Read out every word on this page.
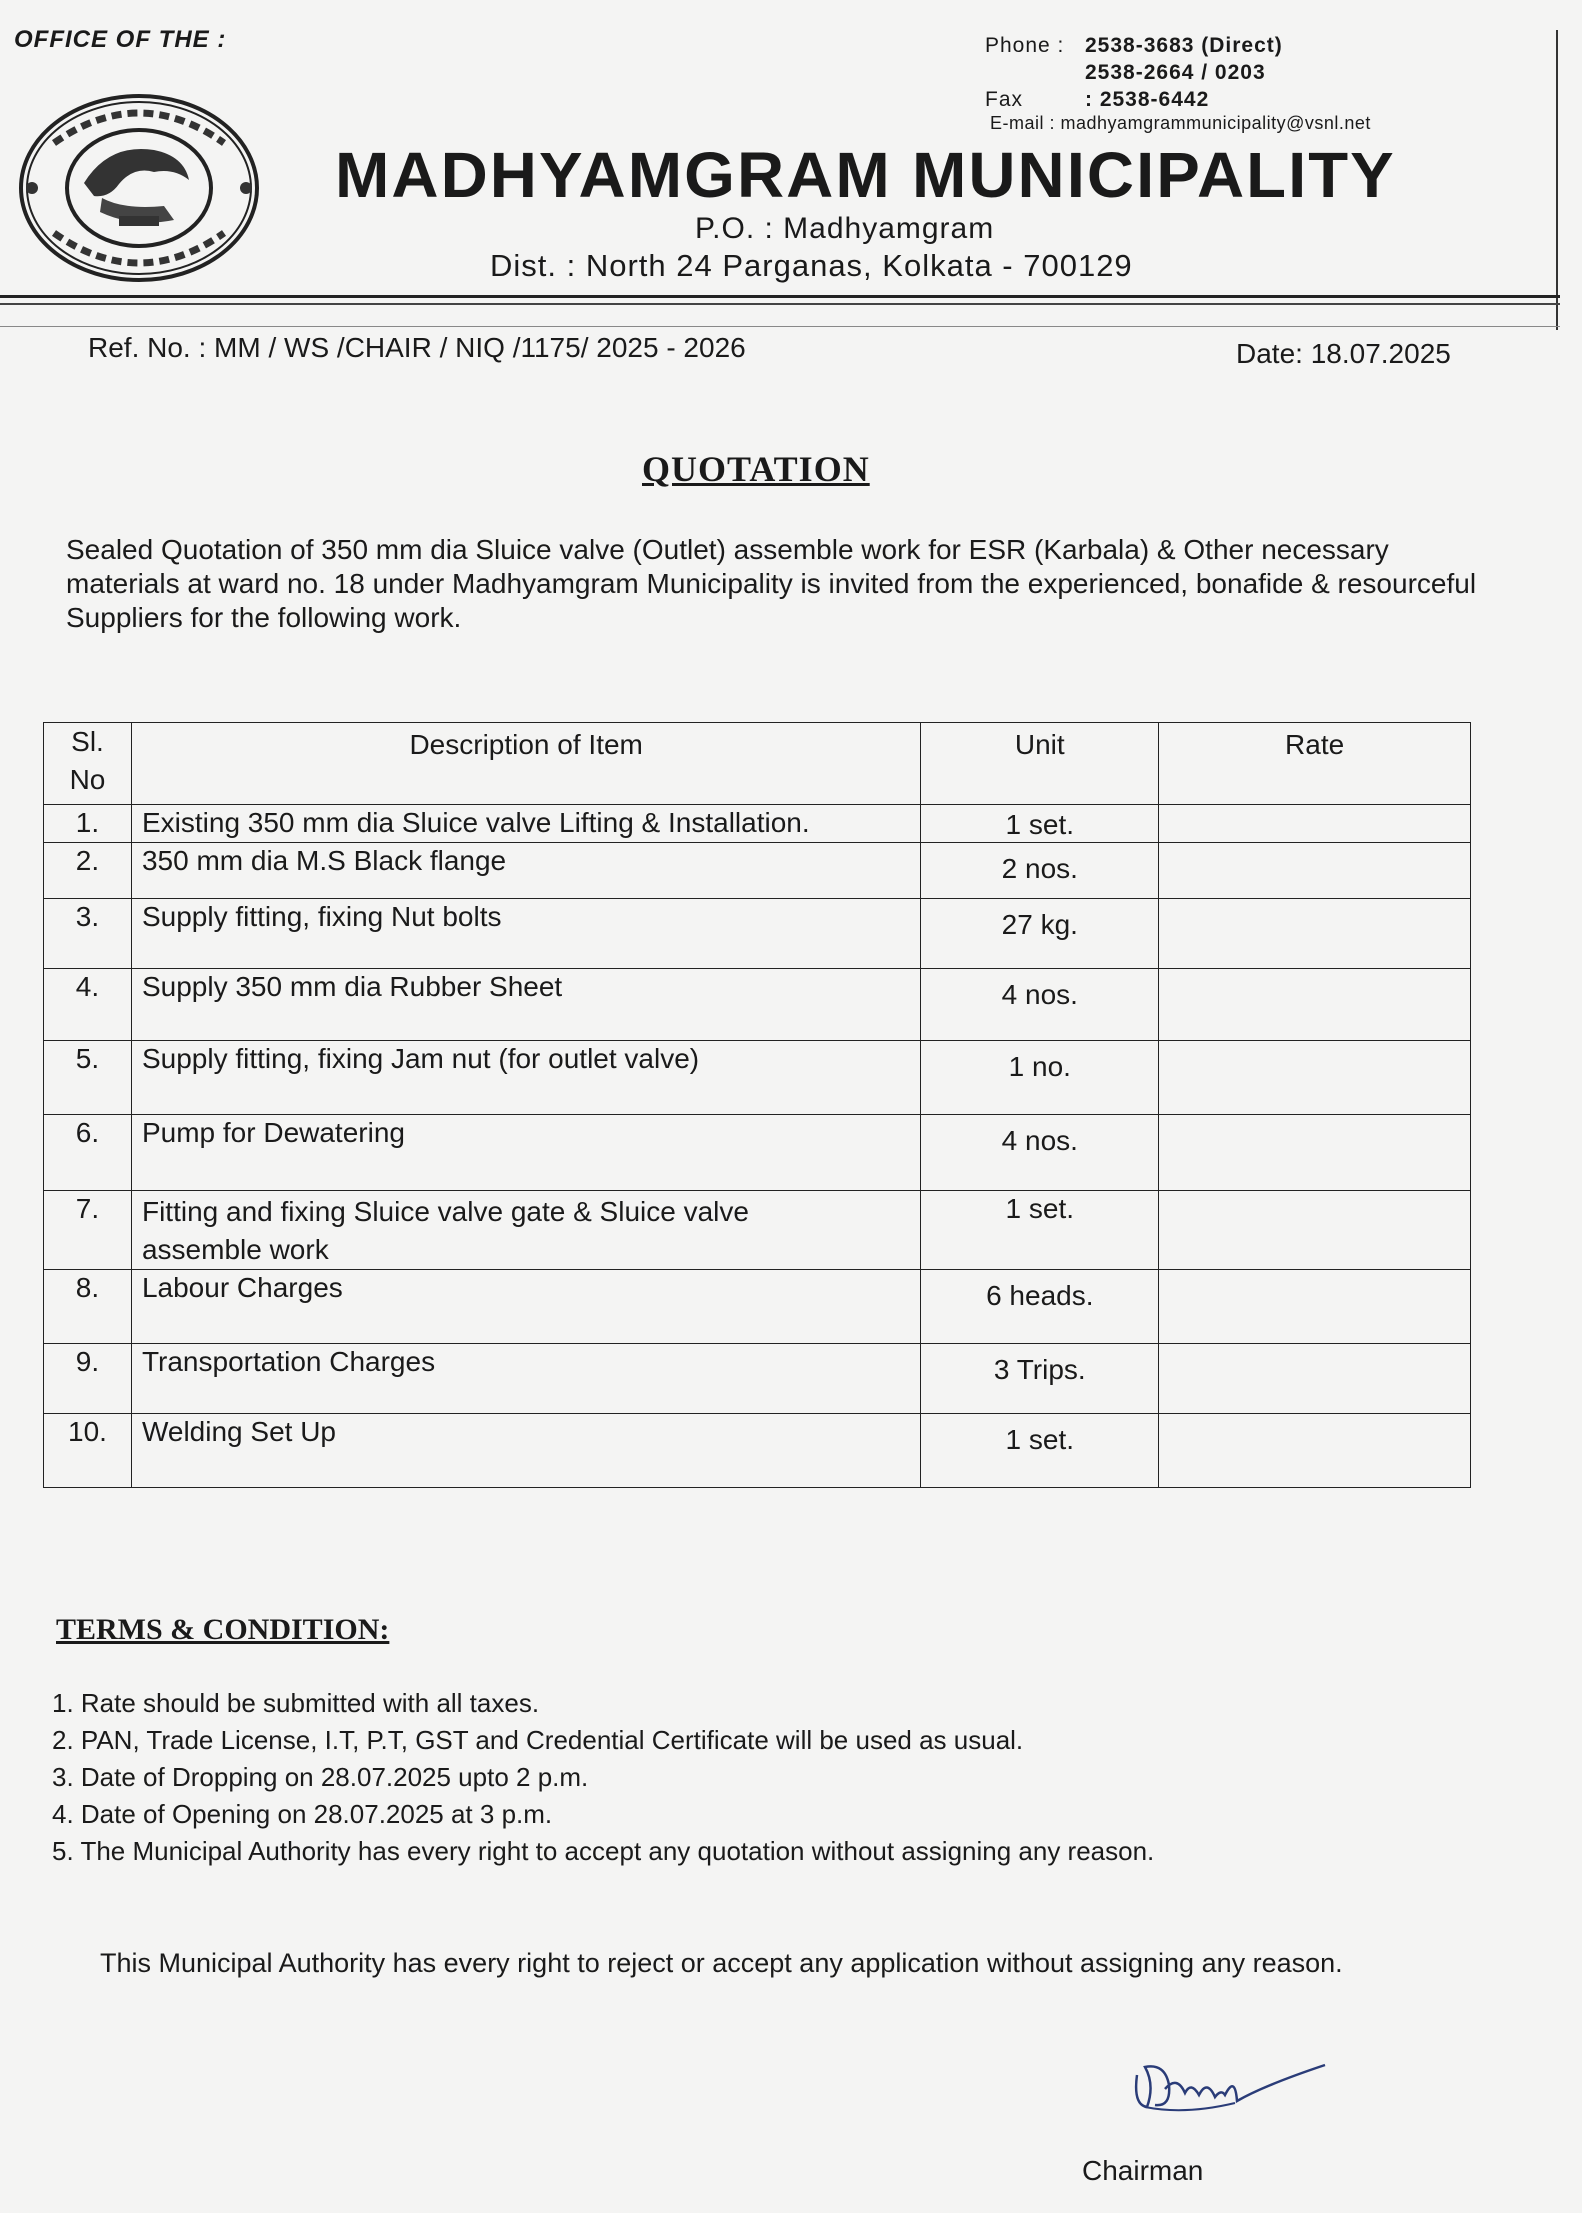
OFFICE OF THE :	Phone : 2538-3683 (Direct)
2538-2664 / 0203
Fax	: 2538-6442
E-mail : madhyamgrammunicipality@vsnl.net
MADHYAMGRAM MUNICIPALITY
P.O. : Madhyamgram
Dist. : North 24 Parganas, Kolkata - 700129
Ref. No. : MM / WS /CHAIR / NIQ /1175/ 2025 - 2026	Date: 18.07.2025
QUOTATION
Sealed Quotation of 350 mm dia Sluice valve (Outlet) assemble work for ESR (Karbala) & Other necessary materials at ward no. 18 under Madhyamgram Municipality is invited from the experienced, bonafide & resourceful Suppliers for the following work.
Sl. No	Description of Item	Unit	Rate
1.	Existing 350 mm dia Sluice valve Lifting & Installation.	1 set.	
2.	350 mm dia M.S Black flange	2 nos.	
3.	Supply fitting, fixing Nut bolts	27 kg.	
4.	Supply 350 mm dia Rubber Sheet	4 nos.	
5.	Supply fitting, fixing Jam nut (for outlet valve)	1 no.	
6.	Pump for Dewatering	4 nos.	
7.	Fitting and fixing Sluice valve gate & Sluice valve assemble work	1 set.	
8.	Labour Charges	6 heads.	
9.	Transportation Charges	3 Trips.	
10.	Welding Set Up	1 set.	
TERMS & CONDITION:
1. Rate should be submitted with all taxes.
2. PAN, Trade License, I.T, P.T, GST and Credential Certificate will be used as usual.
3. Date of Dropping on 28.07.2025 upto 2 p.m.
4. Date of Opening on 28.07.2025 at 3 p.m.
5. The Municipal Authority has every right to accept any quotation without assigning any reason.
This Municipal Authority has every right to reject or accept any application without assigning any reason.
Chairman
